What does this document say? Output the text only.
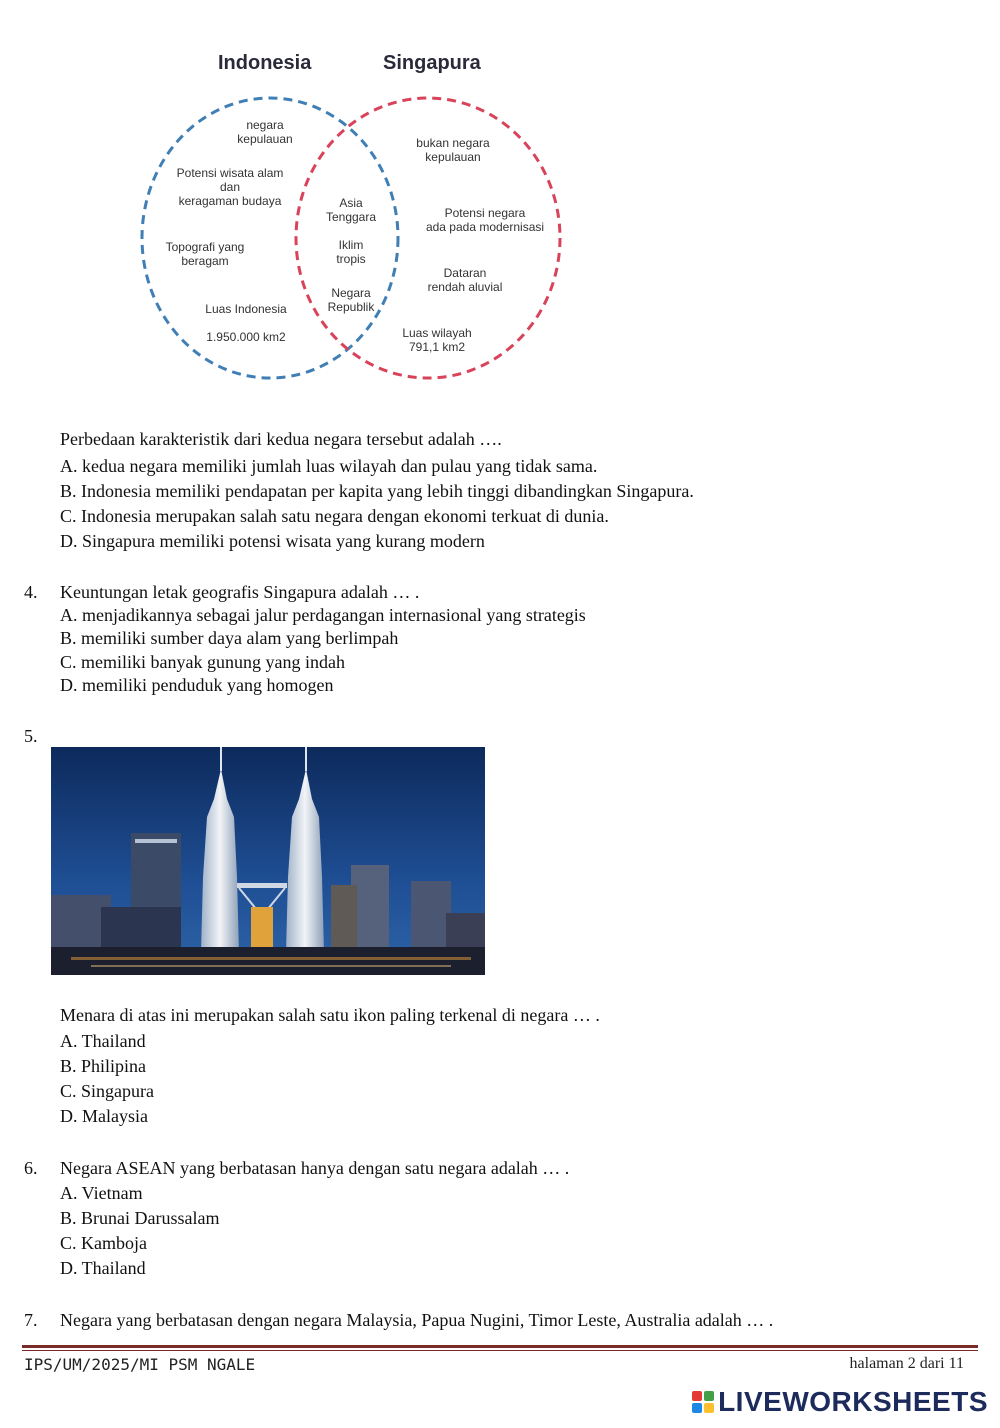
Indonesia	Singapura
negara
kepulauan
Potensi wisata alam
dan
keragaman budaya
Topografi yang
beragam
Luas Indonesia
1.950.000 km2
Asia
Tenggara
Iklim
tropis
Negara
Republik
bukan negara
kepulauan
Potensi negara
ada pada modernisasi
Dataran
rendah aluvial
Luas wilayah
791,1 km2
Perbedaan karakteristik dari kedua negara tersebut adalah ….
A. kedua negara memiliki jumlah luas wilayah dan pulau yang tidak sama.
B. Indonesia memiliki pendapatan per kapita yang lebih tinggi dibandingkan Singapura.
C. Indonesia merupakan salah satu negara dengan ekonomi terkuat di dunia.
D. Singapura memiliki potensi wisata yang kurang modern
4. Keuntungan letak geografis Singapura adalah … .
A. menjadikannya sebagai jalur perdagangan internasional yang strategis
B. memiliki sumber daya alam yang berlimpah
C. memiliki banyak gunung yang indah
D. memiliki penduduk yang homogen
5.
Menara di atas ini merupakan salah satu ikon paling terkenal di negara … .
A. Thailand
B. Philipina
C. Singapura
D. Malaysia
6. Negara ASEAN yang berbatasan hanya dengan satu negara adalah … .
A. Vietnam
B. Brunai Darussalam
C. Kamboja
D. Thailand
7. Negara yang berbatasan dengan negara Malaysia, Papua Nugini, Timor Leste, Australia adalah … .
IPS/UM/2025/MI PSM NGALE	halaman 2 dari 11
LIVEWORKSHEETS
